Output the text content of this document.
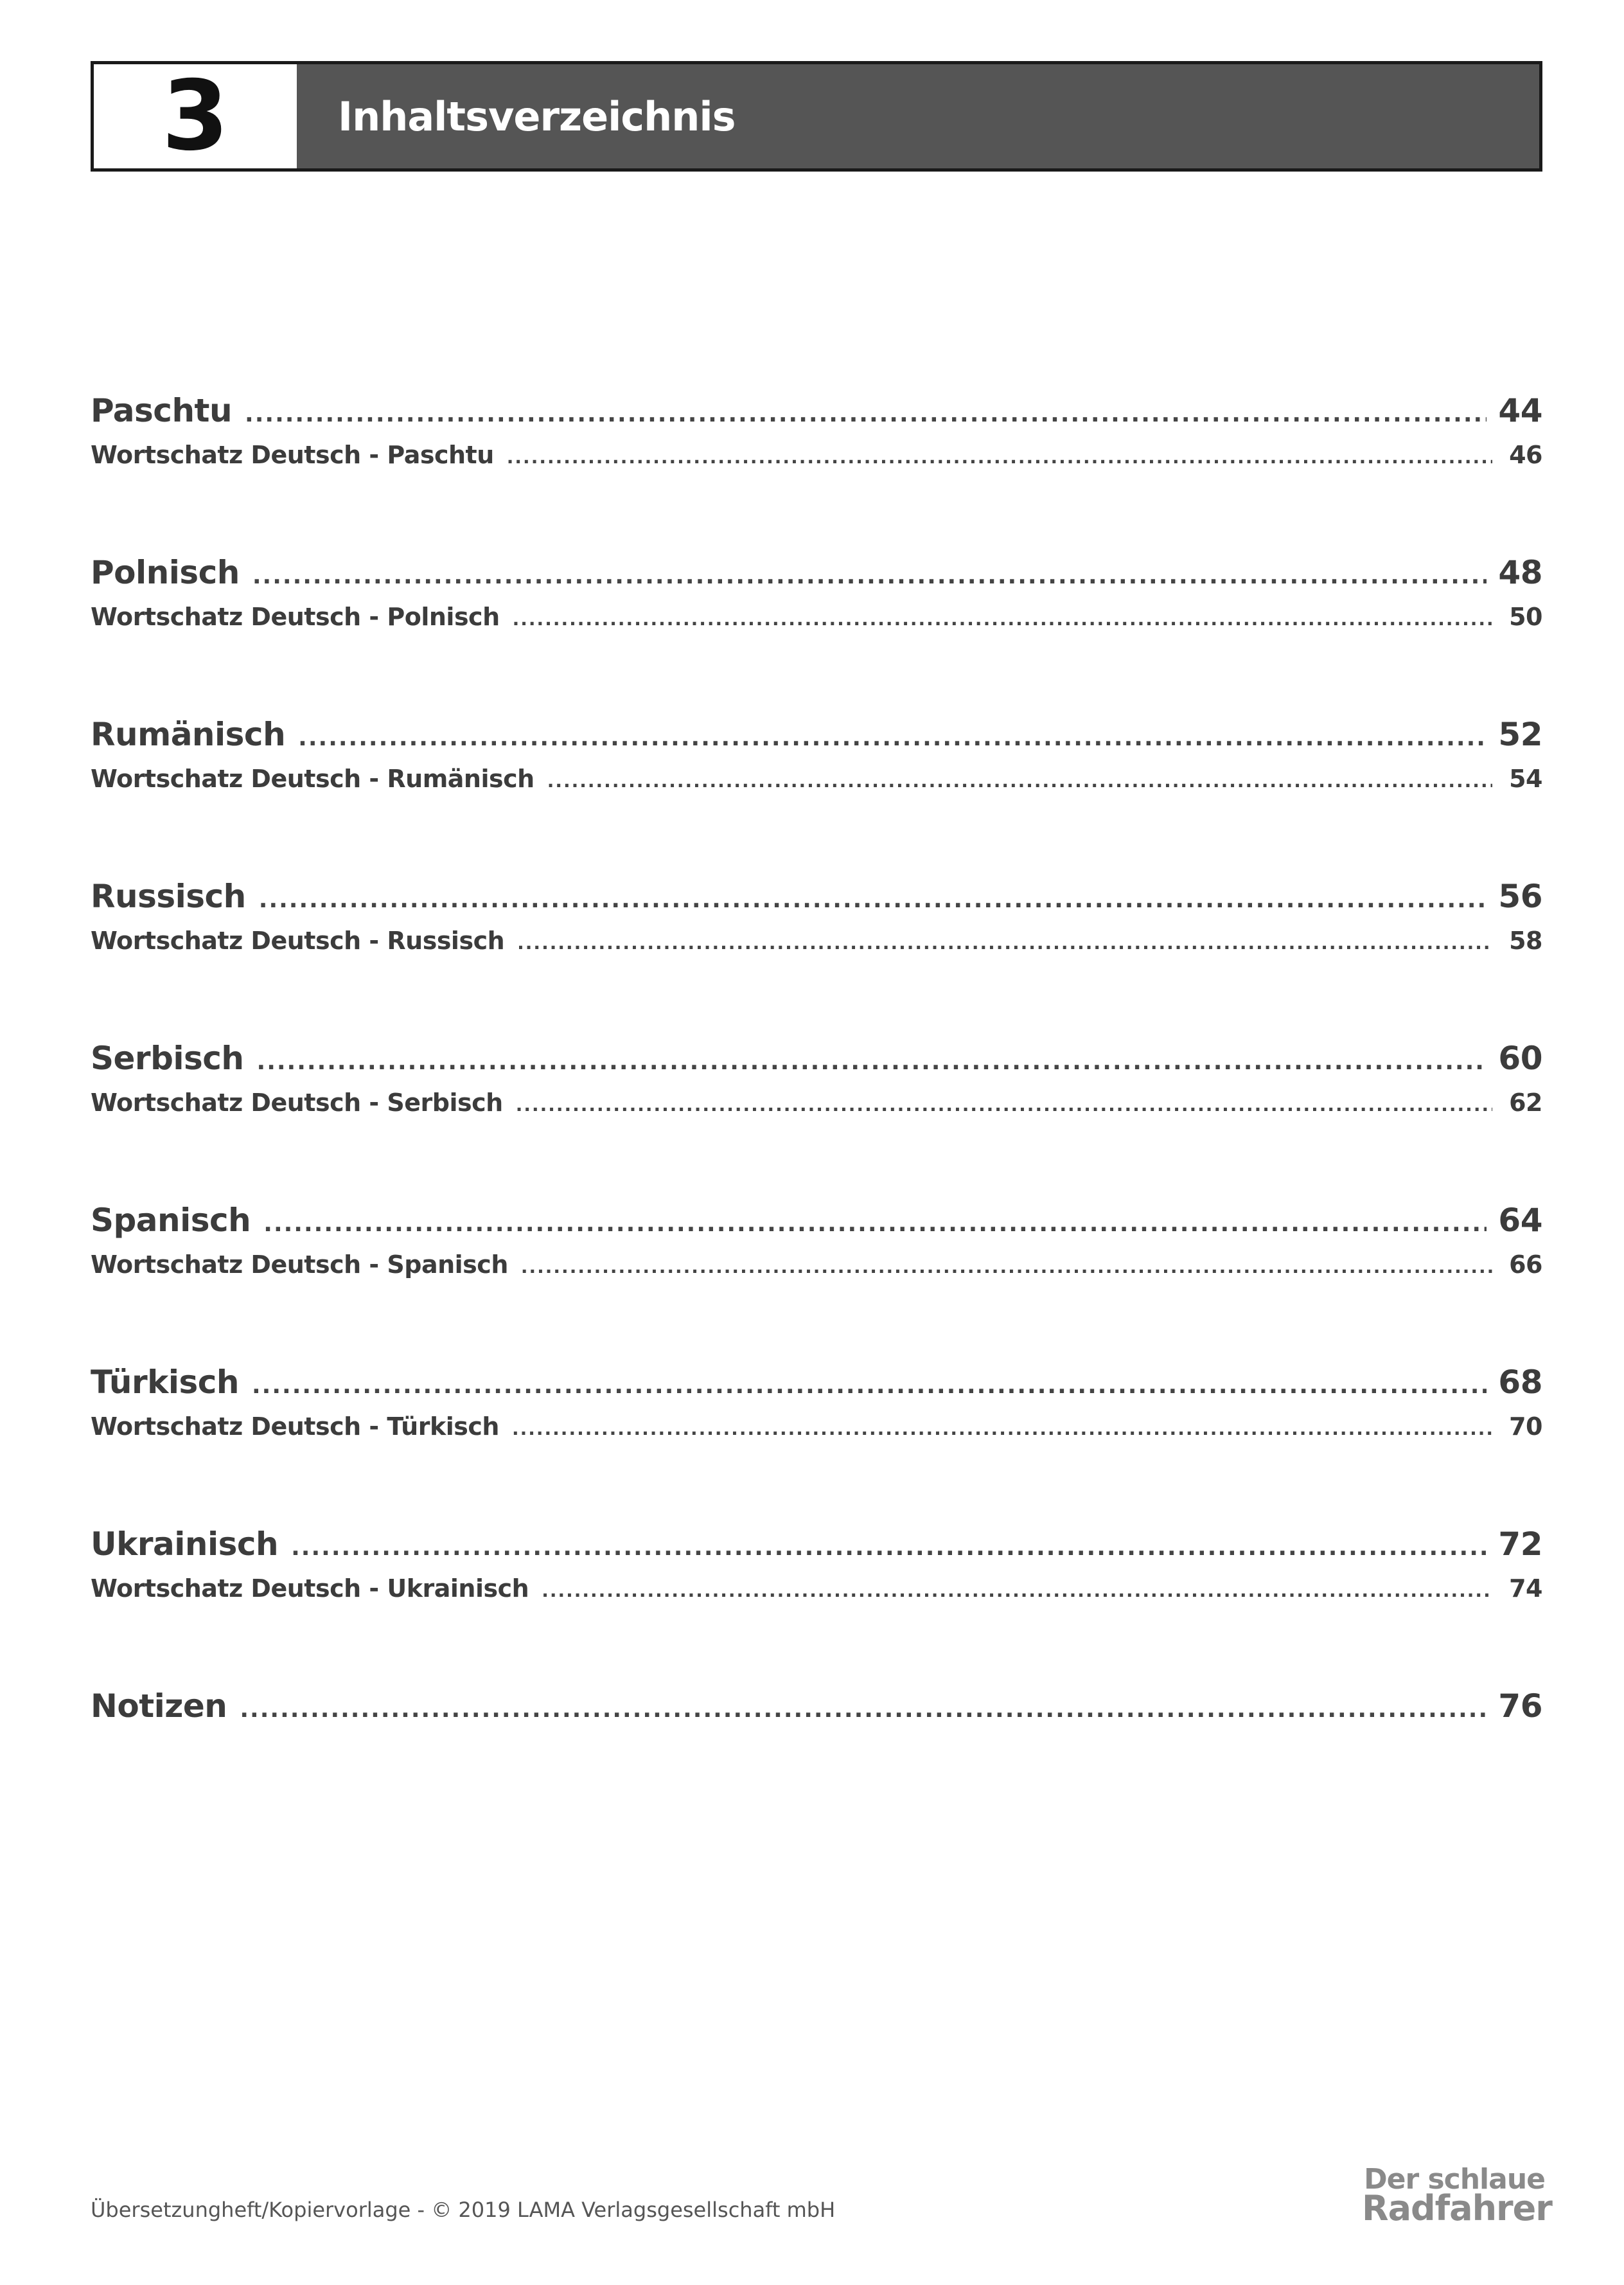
3	Inhaltsverzeichnis
Paschtu .....	44
Wortschatz Deutsch - Paschtu .....	46
Polnisch .....	48
Wortschatz Deutsch - Polnisch .....	50
Rumänisch .....	52
Wortschatz Deutsch - Rumänisch .....	54
Russisch .....	56
Wortschatz Deutsch - Russisch .....	58
Serbisch .....	60
Wortschatz Deutsch - Serbisch .....	62
Spanisch .....	64
Wortschatz Deutsch - Spanisch .....	66
Türkisch .....	68
Wortschatz Deutsch - Türkisch .....	70
Ukrainisch .....	72
Wortschatz Deutsch - Ukrainisch .....	74
Notizen .....	76
Übersetzungheft/Kopiervorlage - © 2019 LAMA Verlagsgesellschaft mbH
Der schlaue
Radfahrer
